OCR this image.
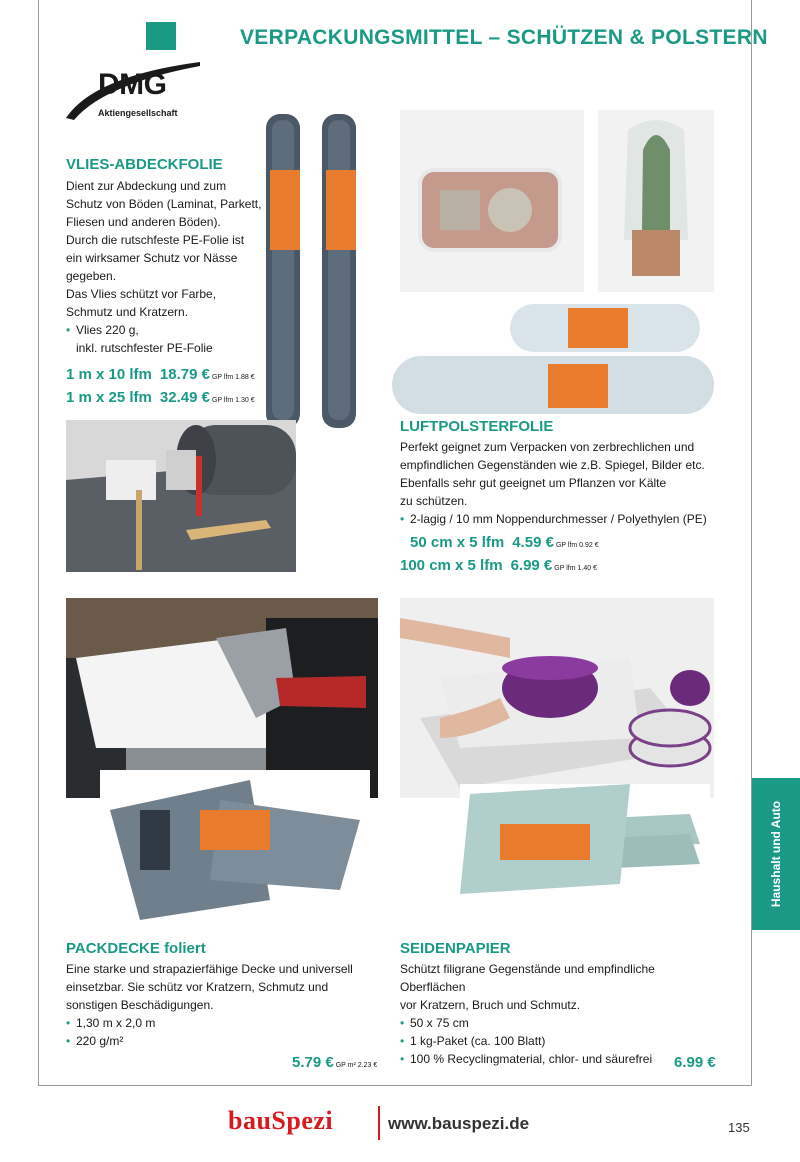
VERPACKUNGSMITTEL – SCHÜTZEN & POLSTERN
DMG
Aktiengesellschaft
VLIES-ABDECKFOLIE

Dient zur Abdeckung und zum

Schutz von Böden (Laminat, Parkett,

Fliesen und anderen Böden).

Durch die rutschfeste PE-Folie ist

ein wirksamer Schutz vor Nässe

gegeben.

Das Vlies schützt vor Farbe,

Schmutz und Kratzern.

• Vlies 220 g,

inkl. rutschfester PE-Folie

1 m x 10 lfm 18.79 € GP lfm 1.88 €
1 m x 25 lfm 32.49 € GP lfm 1.30 €
LUFTPOLSTERFOLIE

Perfekt geignet zum Verpacken von zerbrechlichen und

empfindlichen Gegenständen wie z.B. Spiegel, Bilder etc.

Ebenfalls sehr gut geeignet um Pflanzen vor Kälte

zu schützen.

• 2-lagig / 10 mm Noppendurchmesser / Polyethylen (PE)

50 cm x 5 lfm 4.59 € GP lfm 0.92 €
100 cm x 5 lfm 6.99 € GP lfm 1.40 €
PACKDECKE foliert

Eine starke und strapazierfähige Decke und universell

einsetzbar. Sie schütz vor Kratzern, Schmutz und

sonstigen Beschädigungen.

• 1,30 m x 2,0 m

• 220 g/m²

5.79 € GP m² 2.23 €
SEIDENPAPIER

Schützt filigrane Gegenstände und empfindliche Oberflächen

vor Kratzern, Bruch und Schmutz.

• 50 x 75 cm

• 1 kg-Paket (ca. 100 Blatt)

• 100 % Recyclingmaterial, chlor- und säurefrei	6.99 €
Haushalt und Auto
bauSpezi	www.bauspezi.de	135
